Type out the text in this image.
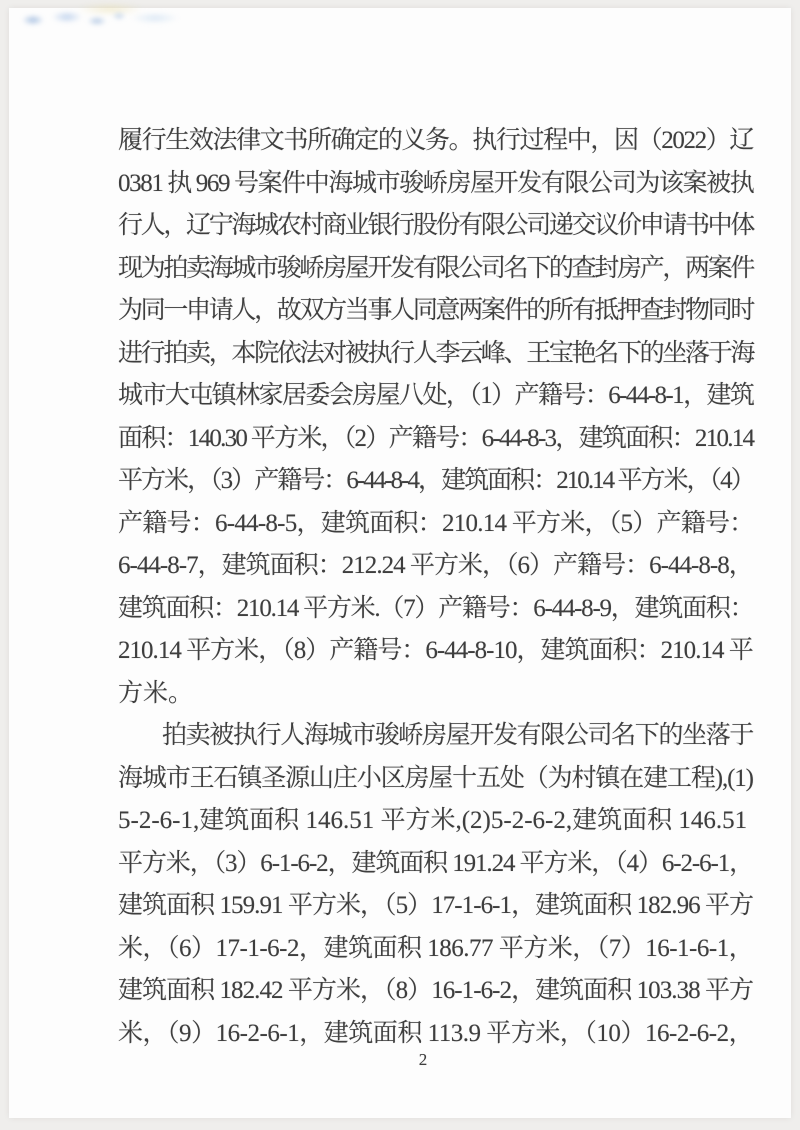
履行生效法律文书所确定的义务。执行过程中，因（2022）辽
0381 执 969 号案件中海城市骏峤房屋开发有限公司为该案被执
行人，辽宁海城农村商业银行股份有限公司递交议价申请书中体
现为拍卖海城市骏峤房屋开发有限公司名下的查封房产，两案件
为同一申请人，故双方当事人同意两案件的所有抵押查封物同时
进行拍卖，本院依法对被执行人李云峰、王宝艳名下的坐落于海
城市大屯镇林家居委会房屋八处，（1）产籍号：6-44-8-1，建筑
面积：140.30 平方米，（2）产籍号：6-44-8-3，建筑面积：210.14
平方米，（3）产籍号：6-44-8-4，建筑面积：210.14 平方米，（4）
产籍号：6-44-8-5，建筑面积：210.14 平方米，（5）产籍号：
6-44-8-7，建筑面积：212.24 平方米，（6）产籍号：6-44-8-8，
建筑面积：210.14 平方米.（7）产籍号：6-44-8-9，建筑面积：
210.14 平方米，（8）产籍号：6-44-8-10，建筑面积：210.14 平
方米。
拍卖被执行人海城市骏峤房屋开发有限公司名下的坐落于
海城市王石镇圣源山庄小区房屋十五处（为村镇在建工程),(1)
5-2-6-1,建筑面积 146.51 平方米,(2)5-2-6-2,建筑面积 146.51
平方米，（3）6-1-6-2，建筑面积 191.24 平方米，（4）6-2-6-1，
建筑面积 159.91 平方米，（5）17-1-6-1，建筑面积 182.96 平方
米，（6）17-1-6-2，建筑面积 186.77 平方米，（7）16-1-6-1，
建筑面积 182.42 平方米，（8）16-1-6-2，建筑面积 103.38 平方
米，（9）16-2-6-1，建筑面积 113.9 平方米，（10）16-2-6-2，
2
